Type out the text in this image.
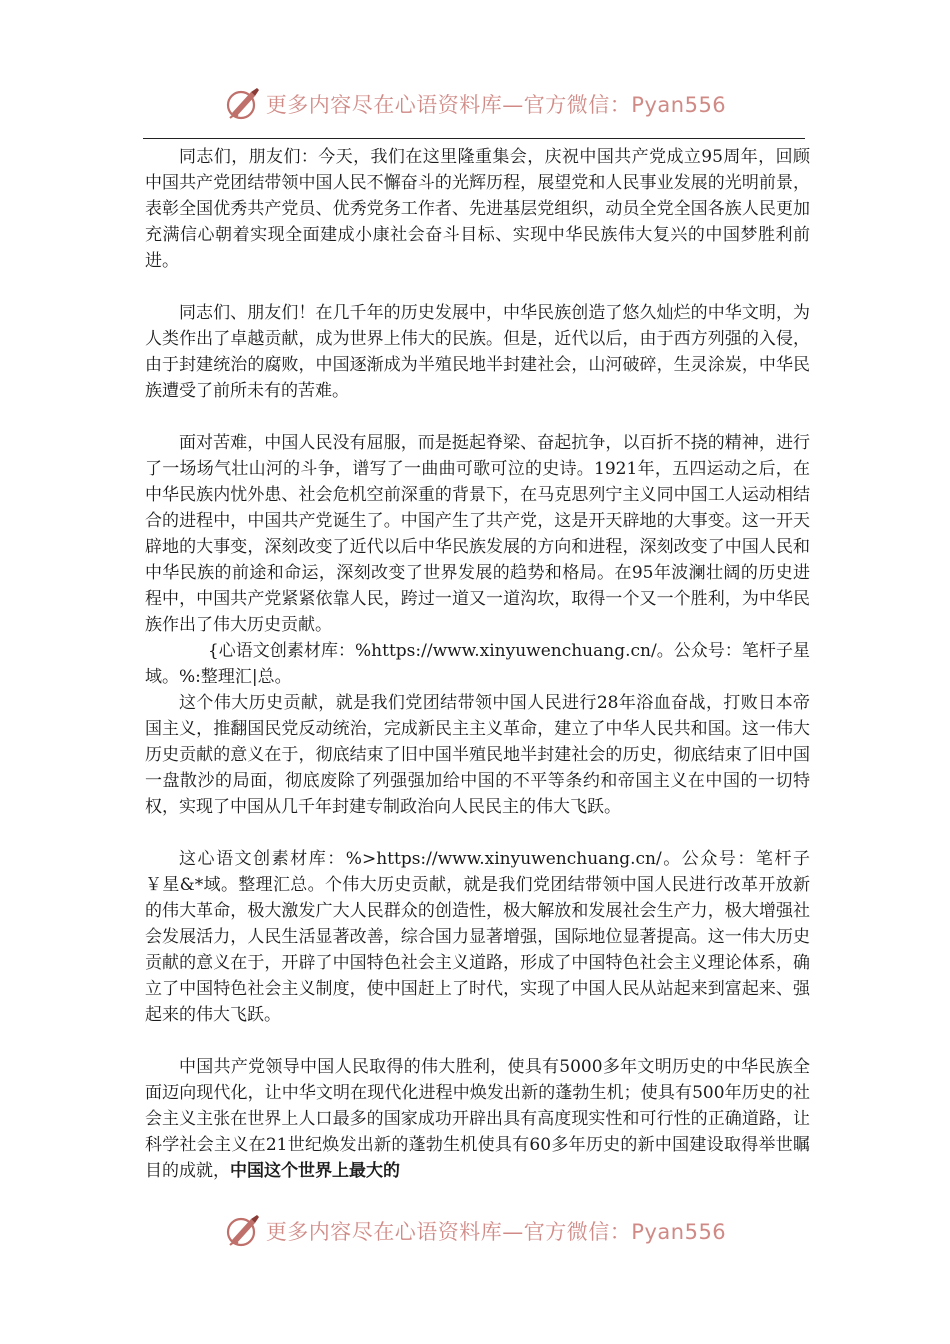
更多内容尽在心语资料库—官方微信：Pyan556

同志们，朋友们：今天，我们在这里隆重集会，庆祝中国共产党成立95周年，回顾中国共产党团结带领中国人民不懈奋斗的光辉历程，展望党和人民事业发展的光明前景，表彰全国优秀共产党员、优秀党务工作者、先进基层党组织，动员全党全国各族人民更加充满信心朝着实现全面建成小康社会奋斗目标、实现中华民族伟大复兴的中国梦胜利前进。

同志们、朋友们！在几千年的历史发展中，中华民族创造了悠久灿烂的中华文明，为人类作出了卓越贡献，成为世界上伟大的民族。但是，近代以后，由于西方列强的入侵，由于封建统治的腐败，中国逐渐成为半殖民地半封建社会，山河破碎，生灵涂炭，中华民族遭受了前所未有的苦难。

面对苦难，中国人民没有屈服，而是挺起脊梁、奋起抗争，以百折不挠的精神，进行了一场场气壮山河的斗争，谱写了一曲曲可歌可泣的史诗。1921年，五四运动之后，在中华民族内忧外患、社会危机空前深重的背景下，在马克思列宁主义同中国工人运动相结合的进程中，中国共产党诞生了。中国产生了共产党，这是开天辟地的大事变。这一开天辟地的大事变，深刻改变了近代以后中华民族发展的方向和进程，深刻改变了中国人民和中华民族的前途和命运，深刻改变了世界发展的趋势和格局。在95年波澜壮阔的历史进程中，中国共产党紧紧依靠人民，跨过一道又一道沟坎，取得一个又一个胜利，为中华民族作出了伟大历史贡献。

{心语文创素材库：%https://www.xinyuwenchuang.cn/。公众号：笔杆子星域。%:整理汇|总。

这个伟大历史贡献，就是我们党团结带领中国人民进行28年浴血奋战，打败日本帝国主义，推翻国民党反动统治，完成新民主主义革命，建立了中华人民共和国。这一伟大历史贡献的意义在于，彻底结束了旧中国半殖民地半封建社会的历史，彻底结束了旧中国一盘散沙的局面，彻底废除了列强强加给中国的不平等条约和帝国主义在中国的一切特权，实现了中国从几千年封建专制政治向人民民主的伟大飞跃。

这心语文创素材库：%>https://www.xinyuwenchuang.cn/。公众号：笔杆子￥星&*域。整理汇总。个伟大历史贡献，就是我们党团结带领中国人民进行改革开放新的伟大革命，极大激发广大人民群众的创造性，极大解放和发展社会生产力，极大增强社会发展活力，人民生活显著改善，综合国力显著增强，国际地位显著提高。这一伟大历史贡献的意义在于，开辟了中国特色社会主义道路，形成了中国特色社会主义理论体系，确立了中国特色社会主义制度，使中国赶上了时代，实现了中国人民从站起来到富起来、强起来的伟大飞跃。

中国共产党领导中国人民取得的伟大胜利，使具有5000多年文明历史的中华民族全面迈向现代化，让中华文明在现代化进程中焕发出新的蓬勃生机；使具有500年历史的社会主义主张在世界上人口最多的国家成功开辟出具有高度现实性和可行性的正确道路，让科学社会主义在21世纪焕发出新的蓬勃生机使具有60多年历史的新中国建设取得举世瞩目的成就，中国这个世界上最大的

更多内容尽在心语资料库—官方微信：Pyan556
